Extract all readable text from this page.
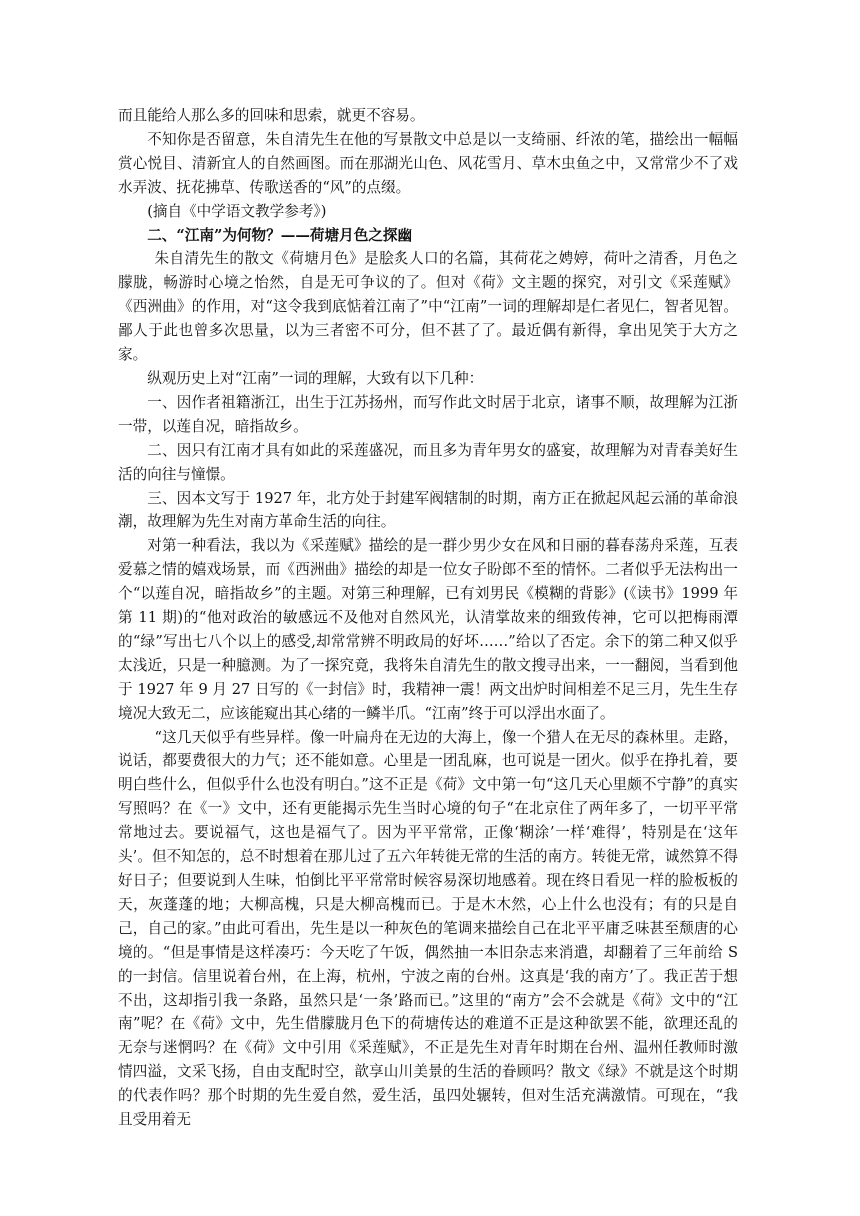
而且能给人那么多的回味和思索，就更不容易。

不知你是否留意，朱自清先生在他的写景散文中总是以一支绮丽、纤浓的笔，描绘出一幅幅赏心悦目、清新宜人的自然画图。而在那湖光山色、风花雪月、草木虫鱼之中，又常常少不了戏水弄波、抚花拂草、传歌送香的“风”的点缀。

(摘自《中学语文教学参考》)

二、“江南”为何物？——荷塘月色之探幽

朱自清先生的散文《荷塘月色》是脍炙人口的名篇，其荷花之娉婷，荷叶之清香，月色之朦胧，畅游时心境之怡然，自是无可争议的了。但对《荷》文主题的探究，对引文《采莲赋》《西洲曲》的作用，对“这令我到底惦着江南了”中“江南”一词的理解却是仁者见仁，智者见智。鄙人于此也曾多次思量，以为三者密不可分，但不甚了了。最近偶有新得，拿出见笑于大方之家。

纵观历史上对“江南”一词的理解，大致有以下几种：

一、因作者祖籍浙江，出生于江苏扬州，而写作此文时居于北京，诸事不顺，故理解为江浙一带，以莲自况，暗指故乡。

二、因只有江南才具有如此的采莲盛况，而且多为青年男女的盛宴，故理解为对青春美好生活的向往与憧憬。

三、因本文写于 1927 年，北方处于封建军阀辖制的时期，南方正在掀起风起云涌的革命浪潮，故理解为先生对南方革命生活的向往。

对第一种看法，我以为《采莲赋》描绘的是一群少男少女在风和日丽的暮春荡舟采莲，互表爱慕之情的嬉戏场景，而《西洲曲》描绘的却是一位女子盼郎不至的情怀。二者似乎无法构出一个“以莲自况，暗指故乡”的主题。对第三种理解，已有刘男民《模糊的背影》(《读书》1999 年第 11 期)的“他对政治的敏感远不及他对自然风光，认清掌故来的细致传神，它可以把梅雨潭的“绿”写出七八个以上的感受,却常常辨不明政局的好坏……”给以了否定。余下的第二种又似乎太浅近，只是一种臆测。为了一探究竟，我将朱自清先生的散文搜寻出来，一一翻阅，当看到他于 1927 年 9 月 27 日写的《一封信》时，我精神一震！两文出炉时间相差不足三月，先生生存境况大致无二，应该能窥出其心绪的一鳞半爪。“江南”终于可以浮出水面了。

“这几天似乎有些异样。像一叶扁舟在无边的大海上，像一个猎人在无尽的森林里。走路，说话，都要费很大的力气；还不能如意。心里是一团乱麻，也可说是一团火。似乎在挣扎着，要明白些什么，但似乎什么也没有明白。”这不正是《荷》文中第一句“这几天心里颇不宁静”的真实写照吗？在《一》文中，还有更能揭示先生当时心境的句子“在北京住了两年多了，一切平平常常地过去。要说福气，这也是福气了。因为平平常常，正像‘糊涂’一样‘难得’，特别是在‘这年头’。但不知怎的，总不时想着在那儿过了五六年转徙无常的生活的南方。转徙无常，诚然算不得好日子；但要说到人生味，怕倒比平平常常时候容易深切地感着。现在终日看见一样的脸板板的天，灰蓬蓬的地；大柳高槐，只是大柳高槐而已。于是木木然，心上什么也没有；有的只是自己，自己的家。”由此可看出，先生是以一种灰色的笔调来描绘自己在北平平庸乏味甚至颓唐的心境的。“但是事情是这样凑巧：今天吃了午饭，偶然抽一本旧杂志来消遣，却翻着了三年前给 S 的一封信。信里说着台州，在上海，杭州，宁波之南的台州。这真是‘我的南方’了。我正苦于想不出，这却指引我一条路，虽然只是‘一条’路而已。”这里的“南方”会不会就是《荷》文中的“江南”呢？在《荷》文中，先生借朦胧月色下的荷塘传达的难道不正是这种欲罢不能，欲理还乱的无奈与迷惘吗？在《荷》文中引用《采莲赋》，不正是先生对青年时期在台州、温州任教师时激情四溢，文采飞扬，自由支配时空，歆享山川美景的生活的眷顾吗？散文《绿》不就是这个时期的代表作吗？那个时期的先生爱自然，爱生活，虽四处辗转，但对生活充满激情。可现在，“我且受用着无
